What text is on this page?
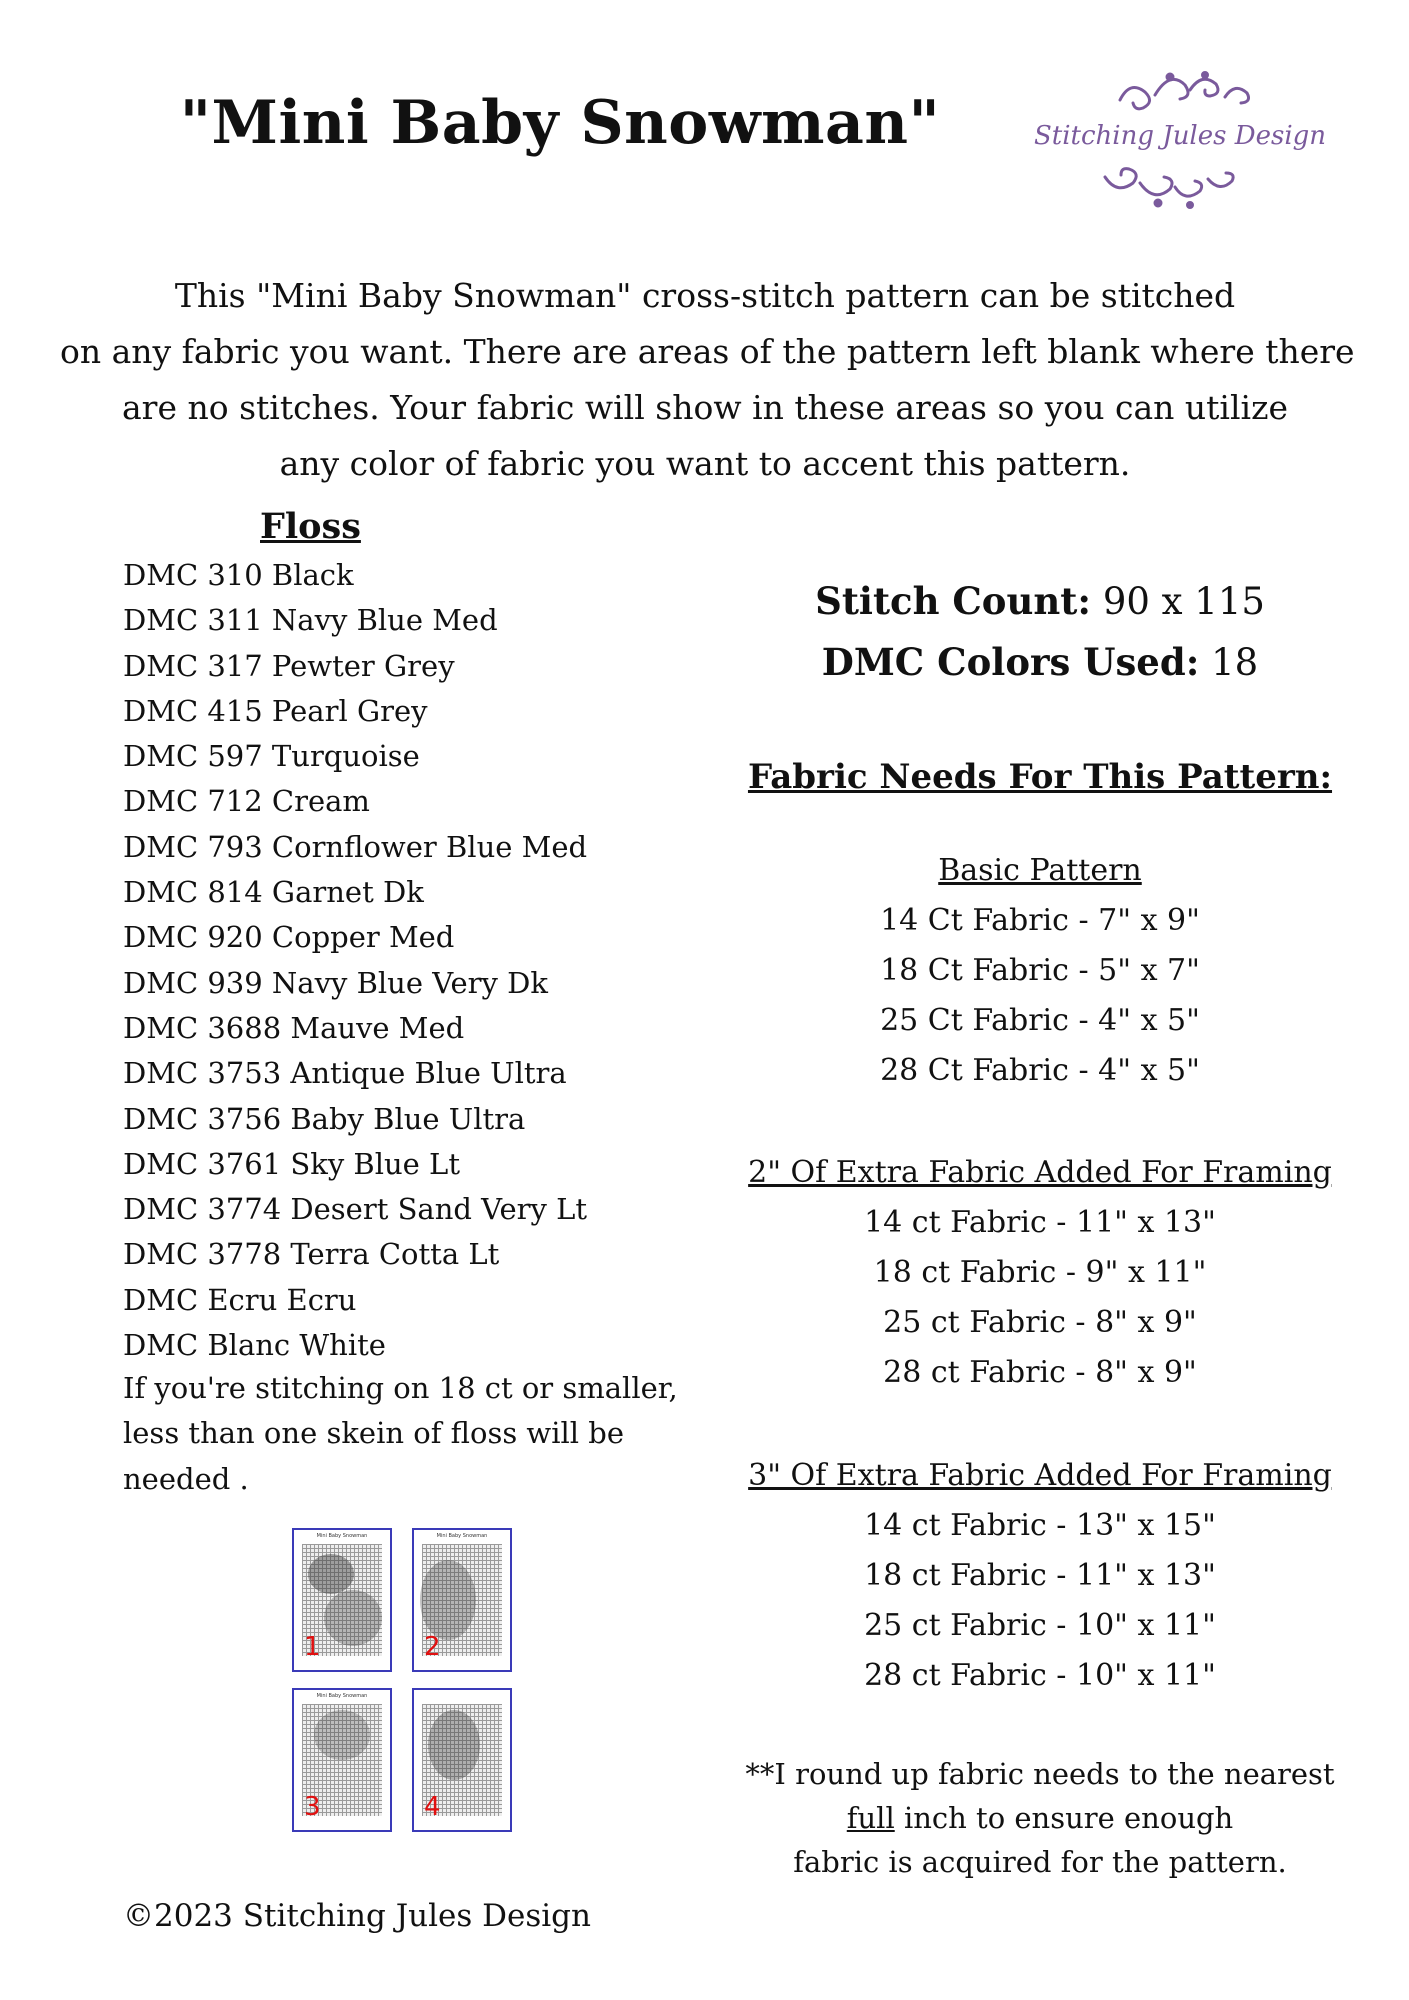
"Mini Baby Snowman"	Stitching Jules Design
This "Mini Baby Snowman" cross-stitch pattern can be stitched
on any fabric you want. There are areas of the pattern left blank where there
are no stitches. Your fabric will show in these areas so you can utilize
any color of fabric you want to accent this pattern.
Floss
DMC 310 Black
DMC 311 Navy Blue Med
DMC 317 Pewter Grey
DMC 415 Pearl Grey
DMC 597 Turquoise
DMC 712 Cream
DMC 793 Cornflower Blue Med
DMC 814 Garnet Dk
DMC 920 Copper Med
DMC 939 Navy Blue Very Dk
DMC 3688 Mauve Med
DMC 3753 Antique Blue Ultra
DMC 3756 Baby Blue Ultra
DMC 3761 Sky Blue Lt
DMC 3774 Desert Sand Very Lt
DMC 3778 Terra Cotta Lt
DMC Ecru Ecru
DMC Blanc White
If you're stitching on 18 ct or smaller,
less than one skein of floss will be
needed .
Stitch Count: 90 x 115
DMC Colors Used: 18
Fabric Needs For This Pattern:
Basic Pattern
14 Ct Fabric - 7" x 9"
18 Ct Fabric - 5" x 7"
25 Ct Fabric - 4" x 5"
28 Ct Fabric - 4" x 5"
2" Of Extra Fabric Added For Framing
14 ct Fabric - 11" x 13"
18 ct Fabric - 9" x 11"
25 ct Fabric - 8" x 9"
28 ct Fabric - 8" x 9"
3" Of Extra Fabric Added For Framing
14 ct Fabric - 13" x 15"
18 ct Fabric - 11" x 13"
25 ct Fabric - 10" x 11"
28 ct Fabric - 10" x 11"
**I round up fabric needs to the nearest
full inch to ensure enough
fabric is acquired for the pattern.
Mini Baby Snowman
1
Mini Baby Snowman
2
Mini Baby Snowman
3	4
©2023 Stitching Jules Design
